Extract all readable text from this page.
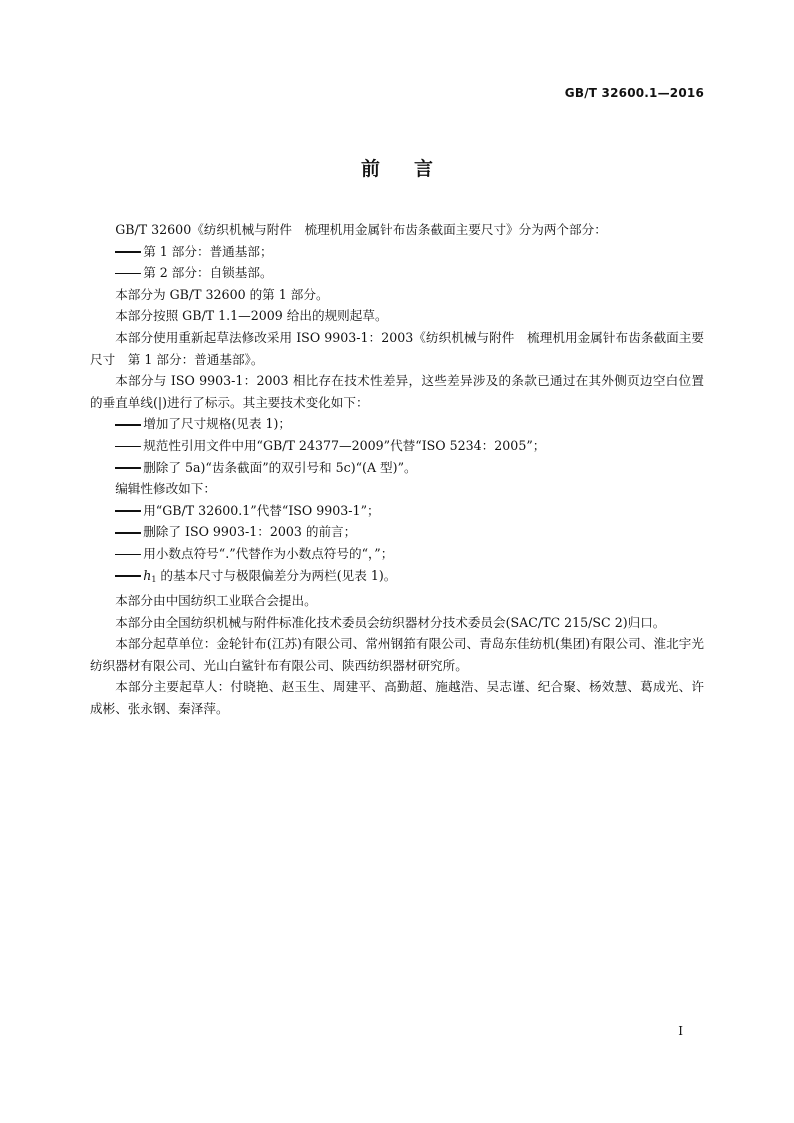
GB/T 32600.1—2016
前言

GB/T 32600《纺织机械与附件　梳理机用金属针布齿条截面主要尺寸》分为两个部分：

第 1 部分：普通基部；

第 2 部分：自锁基部。

本部分为 GB/T 32600 的第 1 部分。

本部分按照 GB/T 1.1—2009 给出的规则起草。

本部分使用重新起草法修改采用 ISO 9903-1：2003《纺织机械与附件　梳理机用金属针布齿条截面主要尺寸　第 1 部分：普通基部》。

本部分与 ISO 9903-1：2003 相比存在技术性差异，这些差异涉及的条款已通过在其外侧页边空白位置的垂直单线(|)进行了标示。其主要技术变化如下：

增加了尺寸规格(见表 1)；

规范性引用文件中用“GB/T 24377—2009”代替“ISO 5234：2005”；

删除了 5a)“齿条截面”的双引号和 5c)“(A 型)”。

编辑性修改如下：

用“GB/T 32600.1”代替“ISO 9903-1”；

删除了 ISO 9903-1：2003 的前言；

用小数点符号“.”代替作为小数点符号的“，”；

h1 的基本尺寸与极限偏差分为两栏(见表 1)。

本部分由中国纺织工业联合会提出。

本部分由全国纺织机械与附件标准化技术委员会纺织器材分技术委员会(SAC/TC 215/SC 2)归口。

本部分起草单位：金轮针布(江苏)有限公司、常州钢筘有限公司、青岛东佳纺机(集团)有限公司、淮北宇光纺织器材有限公司、光山白鲨针布有限公司、陕西纺织器材研究所。

本部分主要起草人：付晓艳、赵玉生、周建平、高勤超、施越浩、吴志谨、纪合聚、杨效慧、葛成光、许成彬、张永钢、秦泽萍。

I
